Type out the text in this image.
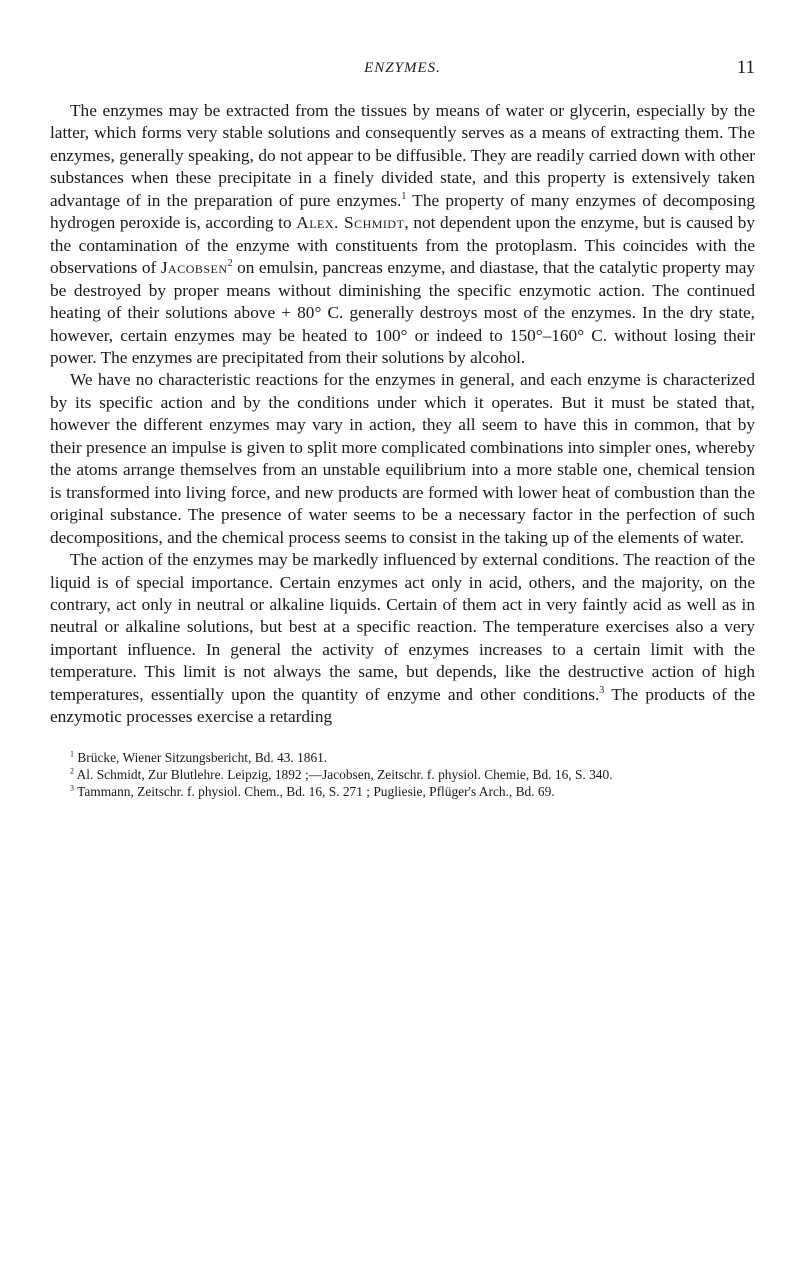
ENZYMES.	11

The enzymes may be extracted from the tissues by means of water or glycerin, especially by the latter, which forms very stable solutions and consequently serves as a means of extracting them. The enzymes, generally speaking, do not appear to be diffusible. They are readily carried down with other substances when these precipitate in a finely divided state, and this property is extensively taken advantage of in the preparation of pure enzymes.$^1$ The property of many enzymes of decomposing hydrogen peroxide is, according to Alex. Schmidt, not dependent upon the enzyme, but is caused by the contamination of the enzyme with constituents from the protoplasm. This coincides with the observations of Jacobsen$^2$ on emulsin, pancreas enzyme, and diastase, that the catalytic property may be destroyed by proper means without diminishing the specific enzymotic action. The continued heating of their solutions above + 80° C. generally destroys most of the enzymes. In the dry state, however, certain enzymes may be heated to 100° or indeed to 150°–160° C. without losing their power. The enzymes are precipitated from their solutions by alcohol.

We have no characteristic reactions for the enzymes in general, and each enzyme is characterized by its specific action and by the conditions under which it operates. But it must be stated that, however the different enzymes may vary in action, they all seem to have this in common, that by their presence an impulse is given to split more complicated combinations into simpler ones, whereby the atoms arrange themselves from an unstable equilibrium into a more stable one, chemical tension is transformed into living force, and new products are formed with lower heat of combustion than the original substance. The presence of water seems to be a necessary factor in the perfection of such decompositions, and the chemical process seems to consist in the taking up of the elements of water.

The action of the enzymes may be markedly influenced by external conditions. The reaction of the liquid is of special importance. Certain enzymes act only in acid, others, and the majority, on the contrary, act only in neutral or alkaline liquids. Certain of them act in very faintly acid as well as in neutral or alkaline solutions, but best at a specific reaction. The temperature exercises also a very important influence. In general the activity of enzymes increases to a certain limit with the temperature. This limit is not always the same, but depends, like the destructive action of high temperatures, essentially upon the quantity of enzyme and other conditions.$^3$ The products of the enzymotic processes exercise a retarding

$^1$ Brücke, Wiener Sitzungsbericht, Bd. 43. 1861.

$^2$ Al. Schmidt, Zur Blutlehre. Leipzig, 1892 ;—Jacobsen, Zeitschr. f. physiol. Chemie, Bd. 16, S. 340.

$^3$ Tammann, Zeitschr. f. physiol. Chem., Bd. 16, S. 271 ; Pugliesie, Pflüger's Arch., Bd. 69.
